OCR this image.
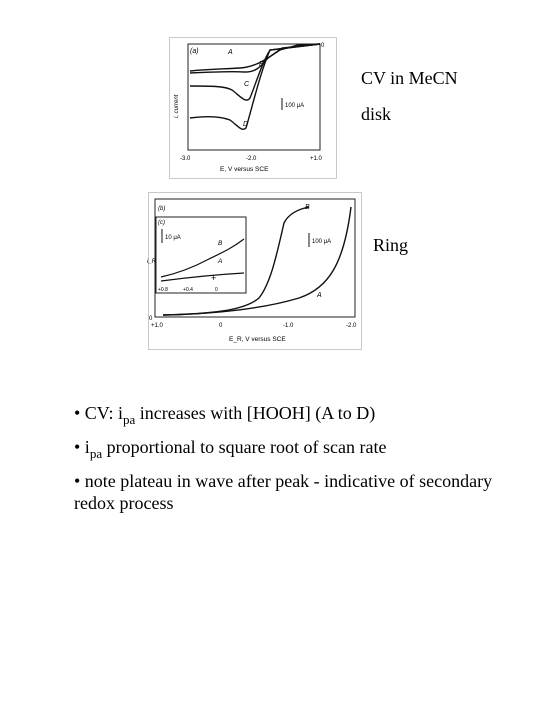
100 μA
(a)	A
B
C
D
0
i, current
-3.0	-2.0	+1.0
E, V versus SCE
CV in MeCN
disk
10 μA
(c)
B
A
+
+0.8	+0.4	0
(b)
100 μA
B
A
0
i_R
+1.0	0	-1.0	-2.0
E_R, V versus SCE
Ring

• CV: $i_{pa}$ increases with [HOOH] (A to D)

• $i_{pa}$ proportional to square root of scan rate

• note plateau in wave after peak - indicative of secondary redox process
